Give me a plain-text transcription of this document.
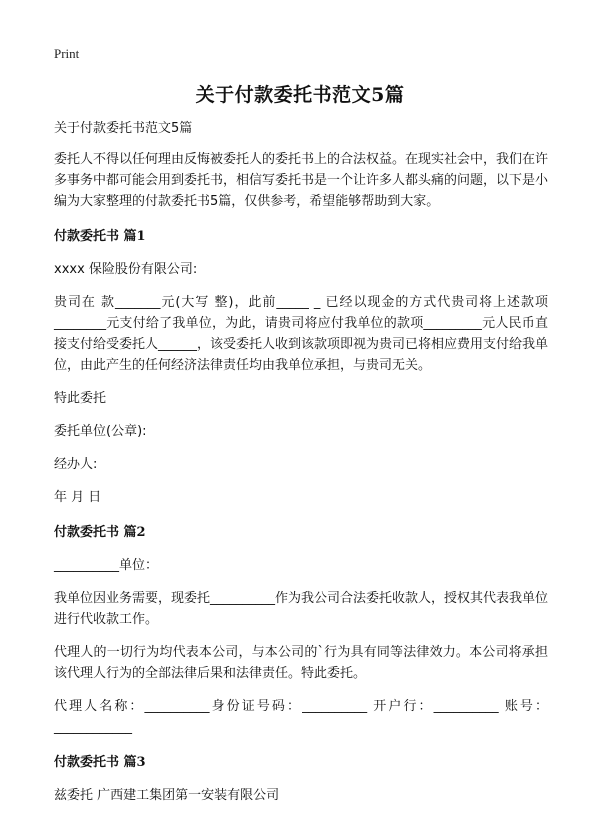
Print
关于付款委托书范文5篇

关于付款委托书范文5篇

委托人不得以任何理由反悔被委托人的委托书上的合法权益。在现实社会中，我们在许多事务中都可能会用到委托书，相信写委托书是一个让许多人都头痛的问题，以下是小编为大家整理的付款委托书5篇，仅供参考，希望能够帮助到大家。

付款委托书 篇1

xxxx 保险股份有限公司:

贵司在 款_______元(大写 整)，此前_____ _ 已经以现金的方式代贵司将上述款项________元支付给了我单位，为此，请贵司将应付我单位的款项_________元人民币直接支付给受委托人______，该受委托人收到该款项即视为贵司已将相应费用支付给我单位，由此产生的任何经济法律责任均由我单位承担，与贵司无关。

特此委托

委托单位(公章):

经办人:

年 月 日

付款委托书 篇2

__________单位：

我单位因业务需要，现委托__________作为我公司合法委托收款人，授权其代表我单位进行代收款工作。

代理人的一切行为均代表本公司，与本公司的`行为具有同等法律效力。本公司将承担该代理人行为的全部法律后果和法律责任。特此委托。

代理人名称：__________身份证号码：__________ 开户行：__________ 账号：____________

付款委托书 篇3

兹委托 广西建工集团第一安装有限公司
